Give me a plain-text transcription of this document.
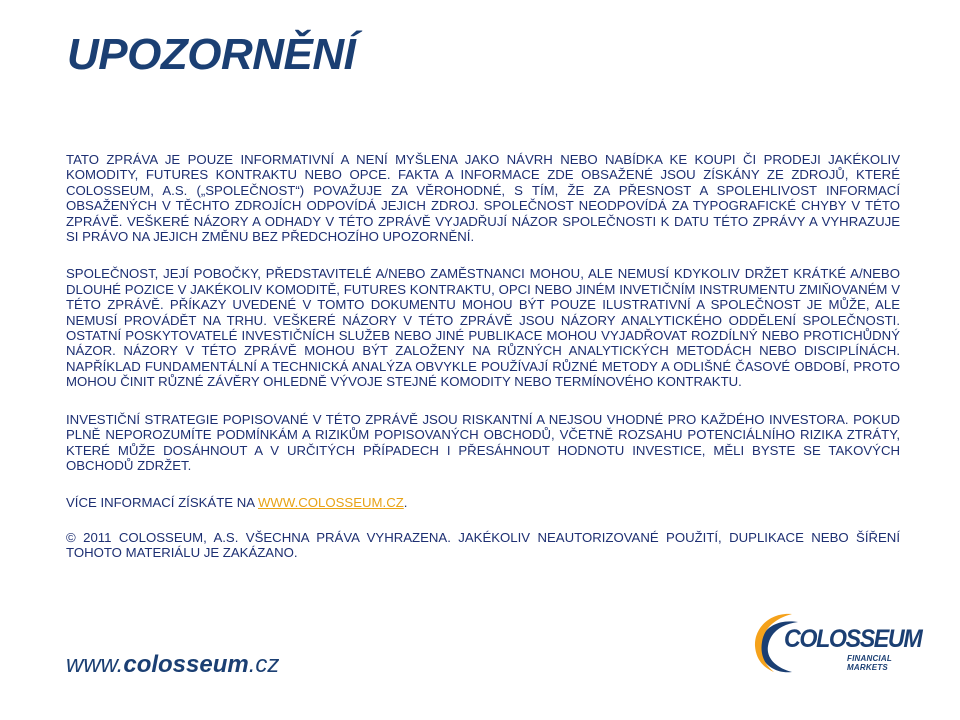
UPOZORNĚNÍ

TATO ZPRÁVA JE POUZE INFORMATIVNÍ A NENÍ MYŠLENA JAKO NÁVRH NEBO NABÍDKA KE KOUPI ČI PRODEJI JAKÉKOLIV KOMODITY, FUTURES KONTRAKTU NEBO OPCE. FAKTA A INFORMACE ZDE OBSAŽENÉ JSOU ZÍSKÁNY ZE ZDROJŮ, KTERÉ COLOSSEUM, A.S. („SPOLEČNOST“) POVAŽUJE ZA VĚROHODNÉ, S TÍM, ŽE ZA PŘESNOST A SPOLEHLIVOST INFORMACÍ OBSAŽENÝCH V TĚCHTO ZDROJÍCH ODPOVÍDÁ JEJICH ZDROJ. SPOLEČNOST NEODPOVÍDÁ ZA TYPOGRAFICKÉ CHYBY V TÉTO ZPRÁVĚ. VEŠKERÉ NÁZORY A ODHADY V TÉTO ZPRÁVĚ VYJADŘUJÍ NÁZOR SPOLEČNOSTI K DATU TÉTO ZPRÁVY A VYHRAZUJE SI PRÁVO NA JEJICH ZMĚNU BEZ PŘEDCHOZÍHO UPOZORNĚNÍ.

SPOLEČNOST, JEJÍ POBOČKY, PŘEDSTAVITELÉ A/NEBO ZAMĚSTNANCI MOHOU, ALE NEMUSÍ KDYKOLIV DRŽET KRÁTKÉ A/NEBO DLOUHÉ POZICE V JAKÉKOLIV KOMODITĚ, FUTURES KONTRAKTU, OPCI NEBO JINÉM INVETIČNÍM INSTRUMENTU ZMIŇOVANÉM V TÉTO ZPRÁVĚ. PŘÍKAZY UVEDENÉ V TOMTO DOKUMENTU MOHOU BÝT POUZE ILUSTRATIVNÍ A SPOLEČNOST JE MŮŽE, ALE NEMUSÍ PROVÁDĚT NA TRHU. VEŠKERÉ NÁZORY V TÉTO ZPRÁVĚ JSOU NÁZORY ANALYTICKÉHO ODDĚLENÍ SPOLEČNOSTI. OSTATNÍ POSKYTOVATELÉ INVESTIČNÍCH SLUŽEB NEBO JINÉ PUBLIKACE MOHOU VYJADŘOVAT ROZDÍLNÝ NEBO PROTICHŮDNÝ NÁZOR. NÁZORY V TÉTO ZPRÁVĚ MOHOU BÝT ZALOŽENY NA RŮZNÝCH ANALYTICKÝCH METODÁCH NEBO DISCIPLÍNÁCH. NAPŘÍKLAD FUNDAMENTÁLNÍ A TECHNICKÁ ANALÝZA OBVYKLE POUŽÍVAJÍ RŮZNÉ METODY A ODLIŠNÉ ČASOVÉ OBDOBÍ, PROTO MOHOU ČINIT RŮZNÉ ZÁVĚRY OHLEDNĚ VÝVOJE STEJNÉ KOMODITY NEBO TERMÍNOVÉHO KONTRAKTU.

INVESTIČNÍ STRATEGIE POPISOVANÉ V TÉTO ZPRÁVĚ JSOU RISKANTNÍ A NEJSOU VHODNÉ PRO KAŽDÉHO INVESTORA. POKUD PLNĚ NEPOROZUMÍTE PODMÍNKÁM A RIZIKŮM POPISOVANÝCH OBCHODŮ, VČETNĚ ROZSAHU POTENCIÁLNÍHO RIZIKA ZTRÁTY, KTERÉ MŮŽE DOSÁHNOUT A V URČITÝCH PŘÍPADECH I PŘESÁHNOUT HODNOTU INVESTICE, MĚLI BYSTE SE TAKOVÝCH OBCHODŮ ZDRŽET.

VÍCE INFORMACÍ ZÍSKÁTE NA WWW.COLOSSEUM.CZ.

© 2011 COLOSSEUM, A.S. VŠECHNA PRÁVA VYHRAZENA. JAKÉKOLIV NEAUTORIZOVANÉ POUŽITÍ, DUPLIKACE NEBO ŠÍŘENÍ TOHOTO MATERIÁLU JE ZAKÁZANO.

www.colosseum.cz
COLOSSEUM
FINANCIAL MARKETS
